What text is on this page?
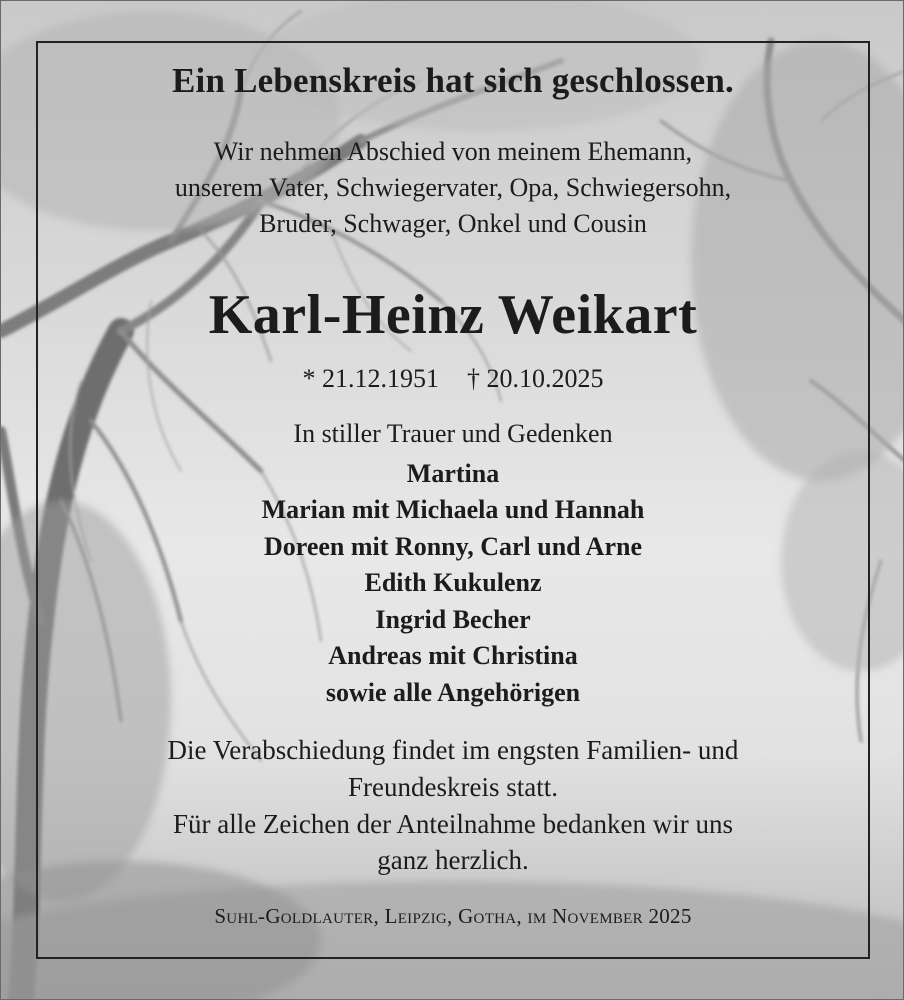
Ein Lebenskreis hat sich geschlossen.
Wir nehmen Abschied von meinem Ehemann,
unserem Vater, Schwiegervater, Opa, Schwiegersohn,
Bruder, Schwager, Onkel und Cousin
Karl-Heinz Weikart
* 21.12.1951 † 20.10.2025
In stiller Trauer und Gedenken
Martina
Marian mit Michaela und Hannah
Doreen mit Ronny, Carl und Arne
Edith Kukulenz
Ingrid Becher
Andreas mit Christina
sowie alle Angehörigen
Die Verabschiedung findet im engsten Familien- und
Freundeskreis statt.
Für alle Zeichen der Anteilnahme bedanken wir uns
ganz herzlich.
Suhl-Goldlauter, Leipzig, Gotha, im November 2025
